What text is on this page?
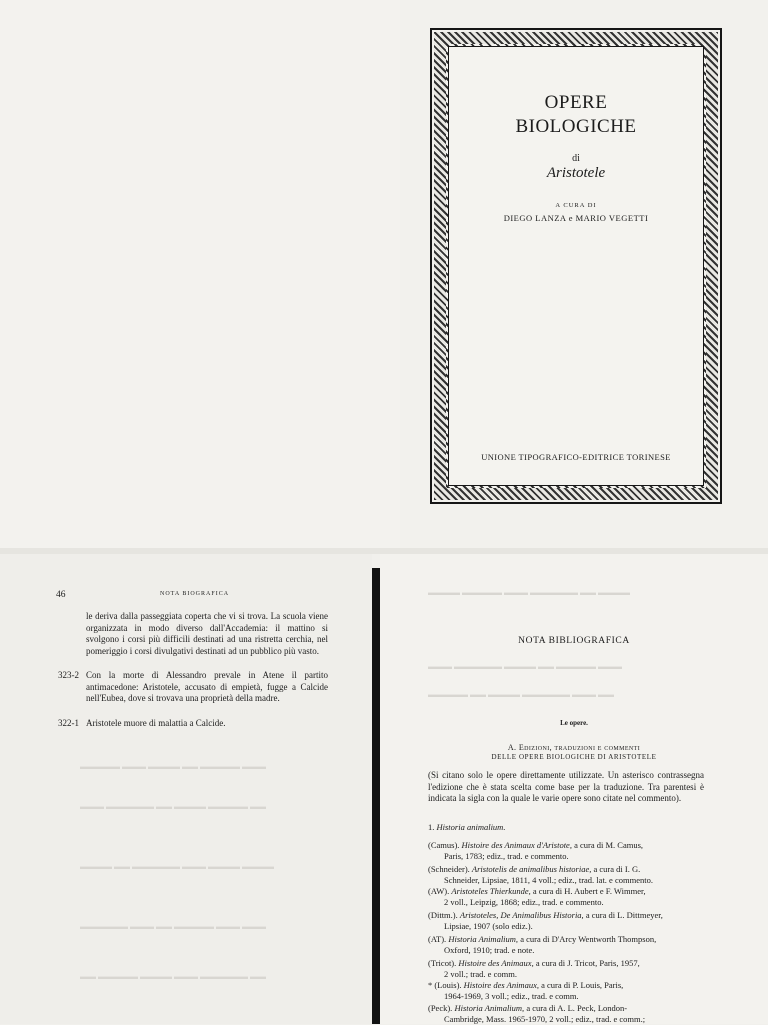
OPERE
BIOLOGICHE
di
Aristotele
A CURA DI
DIEGO LANZA e MARIO VEGETTI
UNIONE TIPOGRAFICO-EDITRICE TORINESE
46	NOTA BIOGRAFICA
le deriva dalla passeggiata coperta che vi si trova. La scuola viene organizzata in modo diverso dall'Accademia: il mattino si svolgono i corsi più difficili destinati ad una ristretta cerchia, nel pomeriggio i corsi divulgativi destinati ad un pubblico più vasto.
323-2 Con la morte di Alessandro prevale in Atene il partito antimacedone: Aristotele, accusato di empietà, fugge a Calcide nell'Eubea, dove si trovava una proprietà della madre.
322-1 Aristotele muore di malattia a Calcide.
▬▬▬▬▬ ▬▬▬ ▬▬▬▬ ▬▬ ▬▬▬▬▬ ▬▬▬
▬▬▬ ▬▬▬▬▬▬ ▬▬ ▬▬▬▬ ▬▬▬▬▬ ▬▬
▬▬▬▬ ▬▬ ▬▬▬▬▬▬ ▬▬▬ ▬▬▬▬ ▬▬▬▬
▬▬▬▬▬▬ ▬▬▬ ▬▬ ▬▬▬▬▬ ▬▬▬ ▬▬▬
▬▬ ▬▬▬▬▬ ▬▬▬▬ ▬▬▬ ▬▬▬▬▬▬ ▬▬
NOTA BIBLIOGRAFICA
Le opere.
A. Edizioni, traduzioni e commenti
DELLE OPERE BIOLOGICHE DI ARISTOTELE
(Si citano solo le opere direttamente utilizzate. Un asterisco contrassegna l'edizione che è stata scelta come base per la traduzione. Tra parentesi è indicata la sigla con la quale le varie opere sono citate nel commento).
1. Historia animalium.
(Camus). Histoire des Animaux d'Aristote, a cura di M. Camus,
Paris, 1783; ediz., trad. e commento.
(Schneider). Aristotelis de animalibus historiae, a cura di I. G.
Schneider, Lipsiae, 1811, 4 voll.; ediz., trad. lat. e commento.
(AW). Aristoteles Thierkunde, a cura di H. Aubert e F. Wimmer,
2 voll., Leipzig, 1868; ediz., trad. e commento.
(Dittm.). Aristoteles, De Animalibus Historia, a cura di L. Dittmeyer,
Lipsiae, 1907 (solo ediz.).
(AT). Historia Animalium, a cura di D'Arcy Wentworth Thompson,
Oxford, 1910; trad. e note.
(Tricot). Histoire des Animaux, a cura di J. Tricot, Paris, 1957,
2 voll.; trad. e comm.
* (Louis). Histoire des Animaux, a cura di P. Louis, Paris,
1964-1969, 3 voll.; ediz., trad. e comm.
(Peck). Historia Animalium, a cura di A. L. Peck, London-
Cambridge, Mass. 1965-1970, 2 voll.; ediz., trad. e comm.;
▬▬▬▬ ▬▬▬▬▬ ▬▬▬ ▬▬▬▬▬▬ ▬▬ ▬▬▬▬
▬▬▬ ▬▬▬▬▬▬ ▬▬▬▬ ▬▬ ▬▬▬▬▬ ▬▬▬
▬▬▬▬▬ ▬▬ ▬▬▬▬ ▬▬▬▬▬▬ ▬▬▬ ▬▬
